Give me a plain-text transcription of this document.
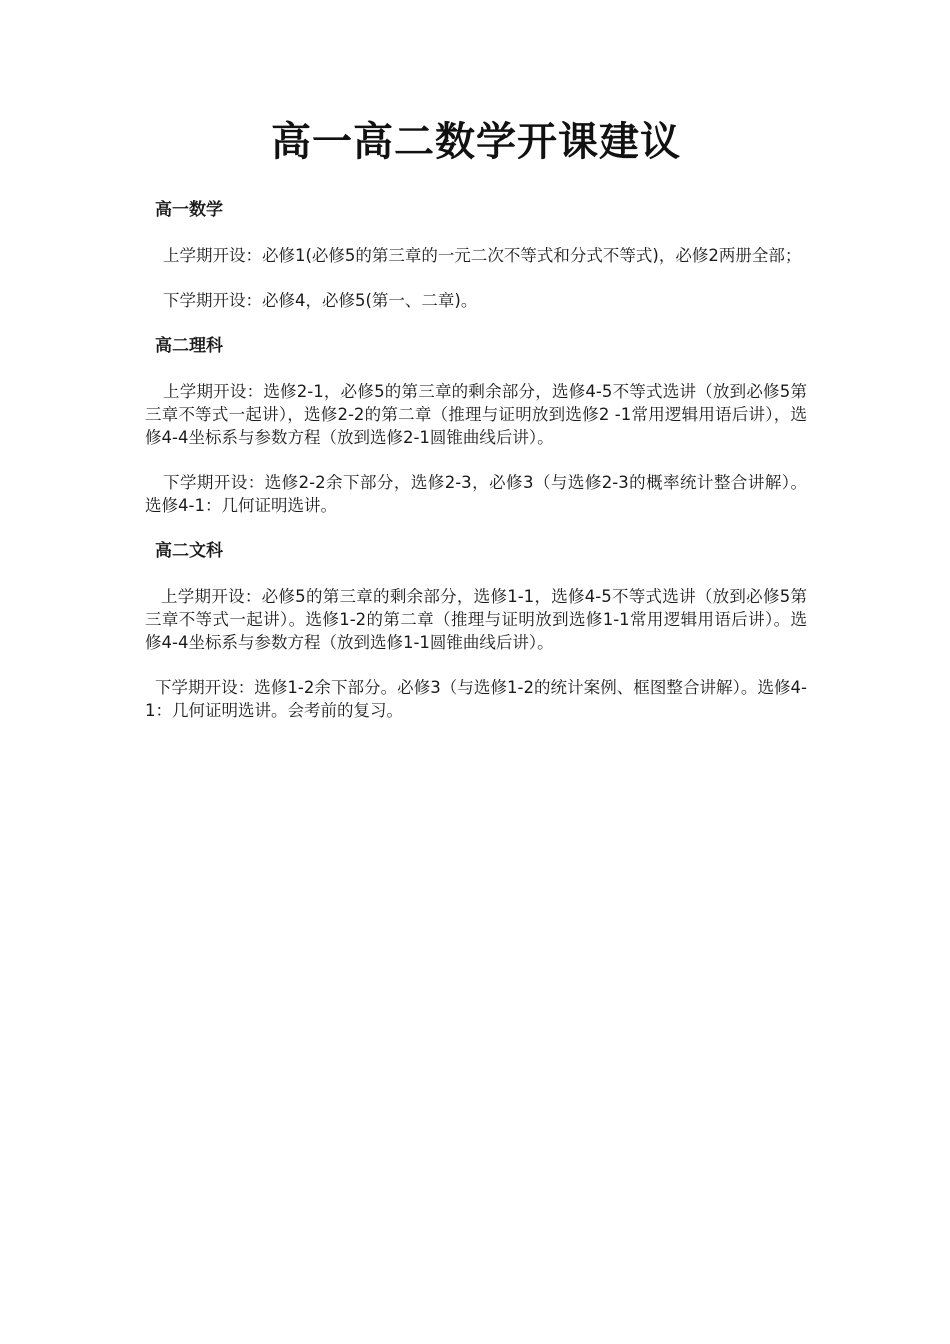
高一高二数学开课建议
高一数学

上学期开设：必修1(必修5的第三章的一元二次不等式和分式不等式)，必修2两册全部；

下学期开设：必修4，必修5(第一、二章)。

高二理科

上学期开设：选修2-1，必修5的第三章的剩余部分，选修4-5不等式选讲（放到必修5第三章不等式一起讲），选修2-2的第二章（推理与证明放到选修2 -1常用逻辑用语后讲），选修4-4坐标系与参数方程（放到选修2-1圆锥曲线后讲）。

下学期开设：选修2-2余下部分，选修2-3，必修3（与选修2-3的概率统计整合讲解）。选修4-1：几何证明选讲。

高二文科

上学期开设：必修5的第三章的剩余部分，选修1-1，选修4-5不等式选讲（放到必修5第三章不等式一起讲）。选修1-2的第二章（推理与证明放到选修1-1常用逻辑用语后讲）。选修4-4坐标系与参数方程（放到选修1-1圆锥曲线后讲）。

下学期开设：选修1-2余下部分。必修3（与选修1-2的统计案例、框图整合讲解）。选修4-1：几何证明选讲。会考前的复习。
